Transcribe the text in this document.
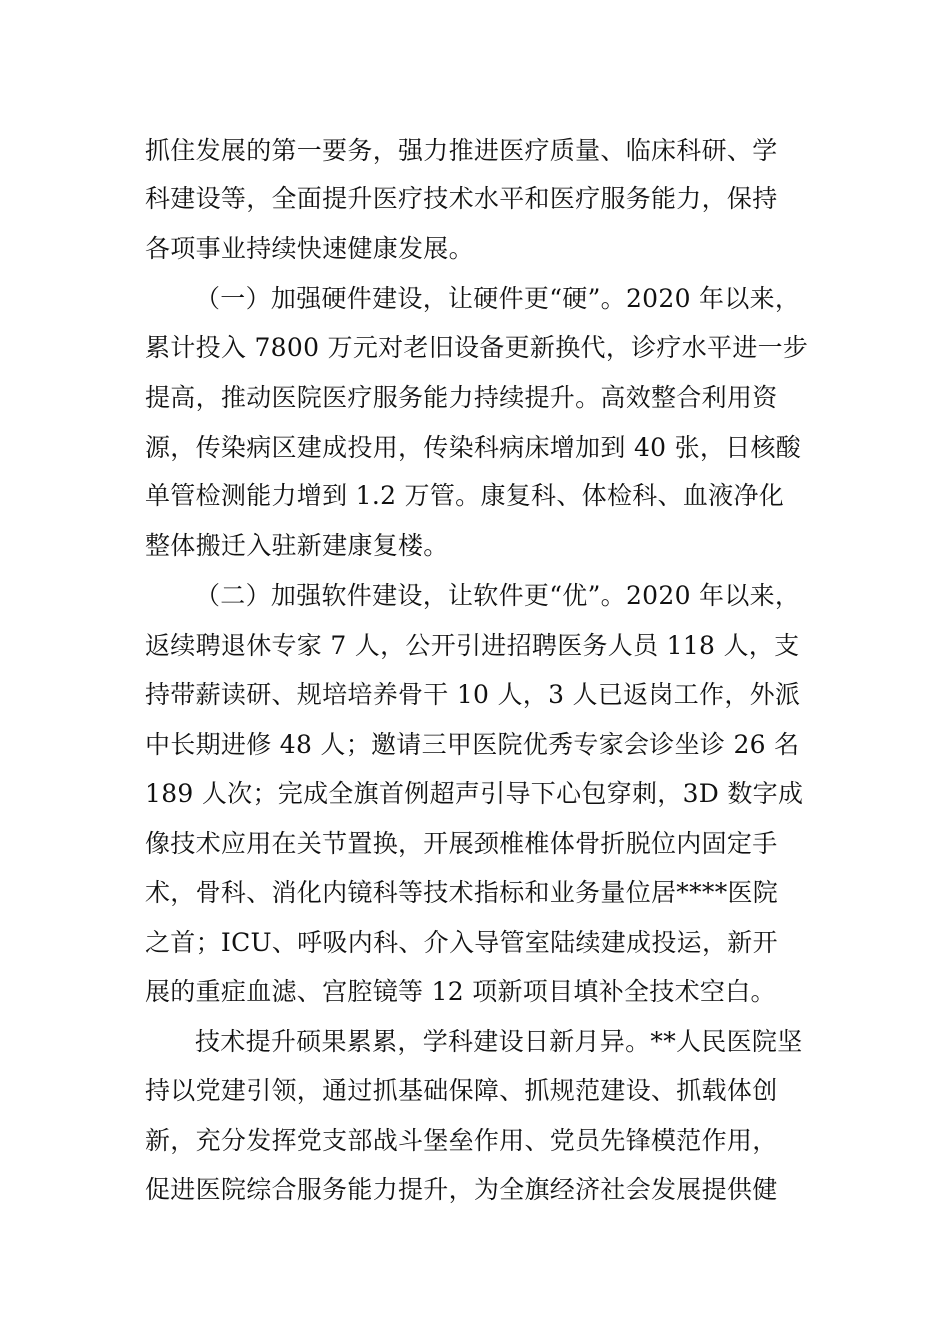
抓住发展的第一要务，强力推进医疗质量、临床科研、学
科建设等，全面提升医疗技术水平和医疗服务能力，保持
各项事业持续快速健康发展。
（一）加强硬件建设，让硬件更“硬”。2020 年以来，
累计投入 7800 万元对老旧设备更新换代，诊疗水平进一步
提高，推动医院医疗服务能力持续提升。高效整合利用资
源，传染病区建成投用，传染科病床增加到 40 张，日核酸
单管检测能力增到 1.2 万管。康复科、体检科、血液净化
整体搬迁入驻新建康复楼。
（二）加强软件建设，让软件更“优”。2020 年以来，
返续聘退休专家 7 人，公开引进招聘医务人员 118 人，支
持带薪读研、规培培养骨干 10 人，3 人已返岗工作，外派
中长期进修 48 人；邀请三甲医院优秀专家会诊坐诊 26 名
189 人次；完成全旗首例超声引导下心包穿刺，3D 数字成
像技术应用在关节置换，开展颈椎椎体骨折脱位内固定手
术，骨科、消化内镜科等技术指标和业务量位居****医院
之首；ICU、呼吸内科、介入导管室陆续建成投运，新开
展的重症血滤、宫腔镜等 12 项新项目填补全技术空白。
技术提升硕果累累，学科建设日新月异。**人民医院坚
持以党建引领，通过抓基础保障、抓规范建设、抓载体创
新，充分发挥党支部战斗堡垒作用、党员先锋模范作用，
促进医院综合服务能力提升，为全旗经济社会发展提供健
